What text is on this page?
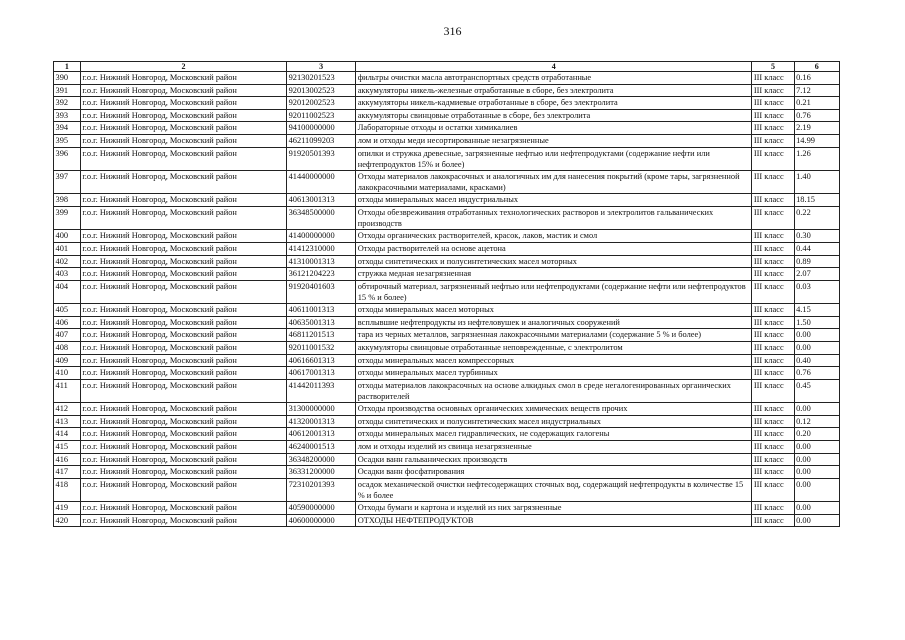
316
1	2	3	4	5	6
390	г.о.г. Нижний Новгород, Московский район	92130201523	фильтры очистки масла автотранспортных средств отработанные	III класс	0.16
391	г.о.г. Нижний Новгород, Московский район	92013002523	аккумуляторы никель-железные отработанные в сборе, без электролита	III класс	7.12
392	г.о.г. Нижний Новгород, Московский район	92012002523	аккумуляторы никель-кадмиевые отработанные в сборе, без электролита	III класс	0.21
393	г.о.г. Нижний Новгород, Московский район	92011002523	аккумуляторы свинцовые отработанные в сборе, без электролита	III класс	0.76
394	г.о.г. Нижний Новгород, Московский район	94100000000	Лабораторные отходы и остатки химикалиев	III класс	2.19
395	г.о.г. Нижний Новгород, Московский район	46211099203	лом и отходы меди несортированные незагрязненные	III класс	14.99
396	г.о.г. Нижний Новгород, Московский район	91920501393	опилки и стружка древесные, загрязненные нефтью или нефтепродуктами (содержание нефти или нефтепродуктов 15% и более)	III класс	1.26
397	г.о.г. Нижний Новгород, Московский район	41440000000	Отходы материалов лакокрасочных и аналогичных им для нанесения покрытий (кроме тары, загрязненной лакокрасочными материалами, красками)	III класс	1.40
398	г.о.г. Нижний Новгород, Московский район	40613001313	отходы минеральных масел индустриальных	III класс	18.15
399	г.о.г. Нижний Новгород, Московский район	36348500000	Отходы обезвреживания отработанных технологических растворов и электролитов гальванических производств	III класс	0.22
400	г.о.г. Нижний Новгород, Московский район	41400000000	Отходы органических растворителей, красок, лаков, мастик и смол	III класс	0.30
401	г.о.г. Нижний Новгород, Московский район	41412310000	Отходы растворителей на основе ацетона	III класс	0.44
402	г.о.г. Нижний Новгород, Московский район	41310001313	отходы синтетических и полусинтетических масел моторных	III класс	0.89
403	г.о.г. Нижний Новгород, Московский район	36121204223	стружка медная незагрязненная	III класс	2.07
404	г.о.г. Нижний Новгород, Московский район	91920401603	обтирочный материал, загрязненный нефтью или нефтепродуктами (содержание нефти или нефтепродуктов 15 % и более)	III класс	0.03
405	г.о.г. Нижний Новгород, Московский район	40611001313	отходы минеральных масел моторных	III класс	4.15
406	г.о.г. Нижний Новгород, Московский район	40635001313	всплывшие нефтепродукты из нефтеловушек и аналогичных сооружений	III класс	1.50
407	г.о.г. Нижний Новгород, Московский район	46811201513	тара из черных металлов, загрязненная лакокрасочными материалами (содержание 5 % и более)	III класс	0.00
408	г.о.г. Нижний Новгород, Московский район	92011001532	аккумуляторы свинцовые отработанные неповрежденные, с электролитом	III класс	0.00
409	г.о.г. Нижний Новгород, Московский район	40616601313	отходы минеральных масел компрессорных	III класс	0.40
410	г.о.г. Нижний Новгород, Московский район	40617001313	отходы минеральных масел турбинных	III класс	0.76
411	г.о.г. Нижний Новгород, Московский район	41442011393	отходы материалов лакокрасочных на основе алкидных смол в среде негалогенированных органических растворителей	III класс	0.45
412	г.о.г. Нижний Новгород, Московский район	31300000000	Отходы производства основных органических химических веществ прочих	III класс	0.00
413	г.о.г. Нижний Новгород, Московский район	41320001313	отходы синтетических и полусинтетических масел индустриальных	III класс	0.12
414	г.о.г. Нижний Новгород, Московский район	40612001313	отходы минеральных масел гидравлических, не содержащих галогены	III класс	0.20
415	г.о.г. Нижний Новгород, Московский район	46240001513	лом и отходы изделий из свинца незагрязненные	III класс	0.00
416	г.о.г. Нижний Новгород, Московский район	36348200000	Осадки ванн гальванических производств	III класс	0.00
417	г.о.г. Нижний Новгород, Московский район	36331200000	Осадки ванн фосфатирования	III класс	0.00
418	г.о.г. Нижний Новгород, Московский район	72310201393	осадок механической очистки нефтесодержащих сточных вод, содержащий нефтепродукты в количестве 15 % и более	III класс	0.00
419	г.о.г. Нижний Новгород, Московский район	40590000000	Отходы бумаги и картона и изделий из них загрязненные	III класс	0.00
420	г.о.г. Нижний Новгород, Московский район	40600000000	ОТХОДЫ НЕФТЕПРОДУКТОВ	III класс	0.00
